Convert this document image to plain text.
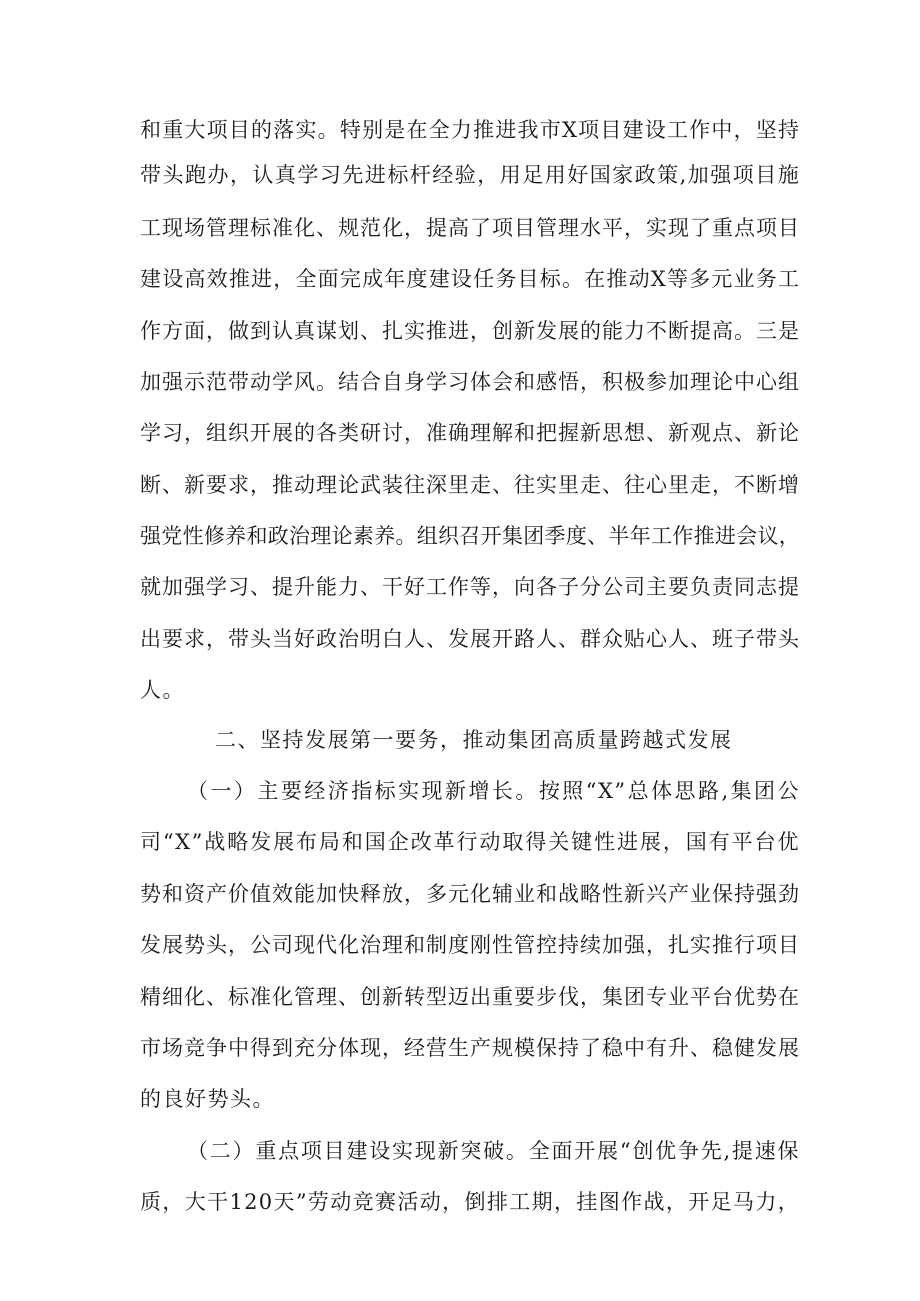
和重大项目的落实。特别是在全力推进我市X项目建设工作中，坚持
带头跑办，认真学习先进标杆经验，用足用好国家政策,加强项目施
工现场管理标准化、规范化，提高了项目管理水平，实现了重点项目
建设高效推进，全面完成年度建设任务目标。在推动X等多元业务工
作方面，做到认真谋划、扎实推进，创新发展的能力不断提高。三是
加强示范带动学风。结合自身学习体会和感悟，积极参加理论中心组
学习，组织开展的各类研讨，准确理解和把握新思想、新观点、新论
断、新要求，推动理论武装往深里走、往实里走、往心里走，不断增
强党性修养和政治理论素养。组织召开集团季度、半年工作推进会议，
就加强学习、提升能力、干好工作等，向各子分公司主要负责同志提
出要求，带头当好政治明白人、发展开路人、群众贴心人、班子带头
人。
二、坚持发展第一要务，推动集团高质量跨越式发展
（一）主要经济指标实现新增长。按照“X”总体思路,集团公
司“X”战略发展布局和国企改革行动取得关键性进展，国有平台优
势和资产价值效能加快释放，多元化辅业和战略性新兴产业保持强劲
发展势头，公司现代化治理和制度刚性管控持续加强，扎实推行项目
精细化、标准化管理、创新转型迈出重要步伐，集团专业平台优势在
市场竞争中得到充分体现，经营生产规模保持了稳中有升、稳健发展
的良好势头。
（二）重点项目建设实现新突破。全面开展“创优争先,提速保
质，大干120天”劳动竞赛活动，倒排工期，挂图作战，开足马力，
